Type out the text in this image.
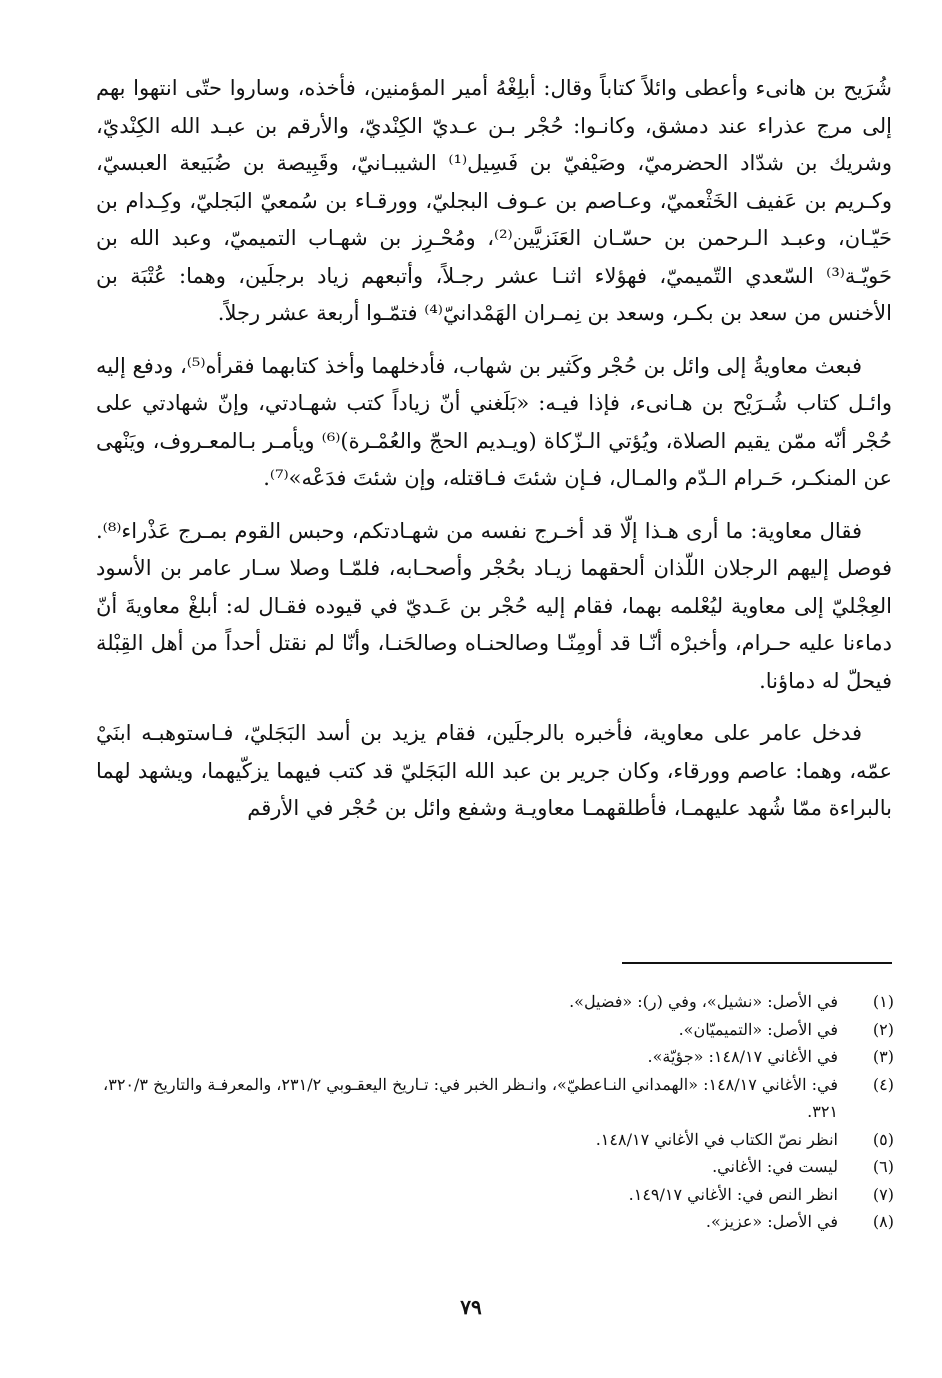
شُرَيح بن هانىء وأعطى وائلاً كتاباً وقال: أبلِغْهُ أمير المؤمنين، فأخذه، وساروا حتّى انتهوا بهم إلى مرج عذراء عند دمشق، وكانـوا: حُجْر بـن عـديّ الكِنْديّ، والأرقم بن عبـد الله الكِنْديّ، وشريك بن شدّاد الحضرميّ، وصَيْفيّ بن فَسِيل⁽¹⁾ الشيبـانيّ، وقَبِيصة بن ضُبَيعة العبسيّ، وكـريم بن عَفيف الخَثْعميّ، وعـاصم بن عـوف البجليّ، وورقـاء بن سُمعيّ البَجليّ، وكِـدام بن حَيّـان، وعبـد الـرحمن بن حسّـان العَنَزيَّين⁽²⁾، ومُحْـرِز بن شهـاب التميميّ، وعبد الله بن حَويّـة⁽³⁾ السّعدي التّميميّ، فهؤلاء اثنـا عشر رجـلاً، وأتبعهم زياد برجلَين، وهما: عُتْبَة بن الأخنس من سعد بن بكـر، وسعد بن نِمـران الهَمْدانيّ⁽⁴⁾ فتمّـوا أربعة عشر رجلاً.

فبعث معاويةُ إلى وائل بن حُجْر وكَثير بن شهاب، فأدخلهما وأخذ كتابهما فقرأه⁽⁵⁾، ودفع إليه وائـل كتاب شُـرَيْح بن هـانىء، فإذا فيـه: «بَلَغني أنّ زياداً كتب شهـادتي، وإنّ شهادتي على حُجْر أنّه ممّن يقيم الصلاة، ويُؤتي الـزّكاة (ويـديم الحجّ والعُمْـرة)⁽⁶⁾ ويأمـر بـالمعـروف، ويَنْهى عن المنكـر، حَـرام الـدّم والمـال، فـإن شئتَ فـاقتله، وإن شئتَ فدَعْه»⁽⁷⁾.

فقال معاوية: ما أرى هـذا إلّا قد أخـرج نفسه من شهـادتكم، وحبس القوم بمـرج عَذْراء⁽⁸⁾. فوصل إليهم الرجلان اللّذان ألحقهما زيـاد بحُجْر وأصحـابه، فلمّـا وصلا سـار عامر بن الأسود العِجْليّ إلى معاوية ليُعْلمه بهما، فقام إليه حُجْر بن عَـديّ في قيوده فقـال له: أبلغْ معاويةَ أنّ دماءنا عليه حـرام، وأخبرْه أنّـا قد أومِنّـا وصالحنـاه وصالحَنـا، وأنّا لم نقتل أحداً من أهل القِبْلة فيحلّ له دماؤنا.

فدخل عامر على معاوية، فأخبره بالرجلَين، فقام يزيد بن أسد البَجَليّ، فـاستوهبـه ابنَيْ عمّه، وهما: عاصم وورقاء، وكان جرير بن عبد الله البَجَليّ قد كتب فيهما يزكّيهما، ويشهد لهما بالبراءة ممّا شُهد عليهمـا، فأطلقهمـا معاويـة وشفع وائل بن حُجْر في الأرقم

(١)
في الأصل: «نشيل»، وفي (ر): «فضيل».
(٢)
في الأصل: «التميميّان».
(٣)
في الأغاني ١٤٨/١٧: «جؤيّة».
(٤)
في: الأغاني ١٤٨/١٧: «الهمداني النـاعطيّ»، وانـظر الخبر في: تـاريخ اليعقـوبي ٢٣١/٢، والمعرفـة والتاريخ ٣٢٠/٣، ٣٢١.
(٥)
انظر نصّ الكتاب في الأغاني ١٤٨/١٧.
(٦)
ليست في: الأغاني.
(٧)
انظر النص في: الأغاني ١٤٩/١٧.
(٨)
في الأصل: «عزيز».
٧٩
